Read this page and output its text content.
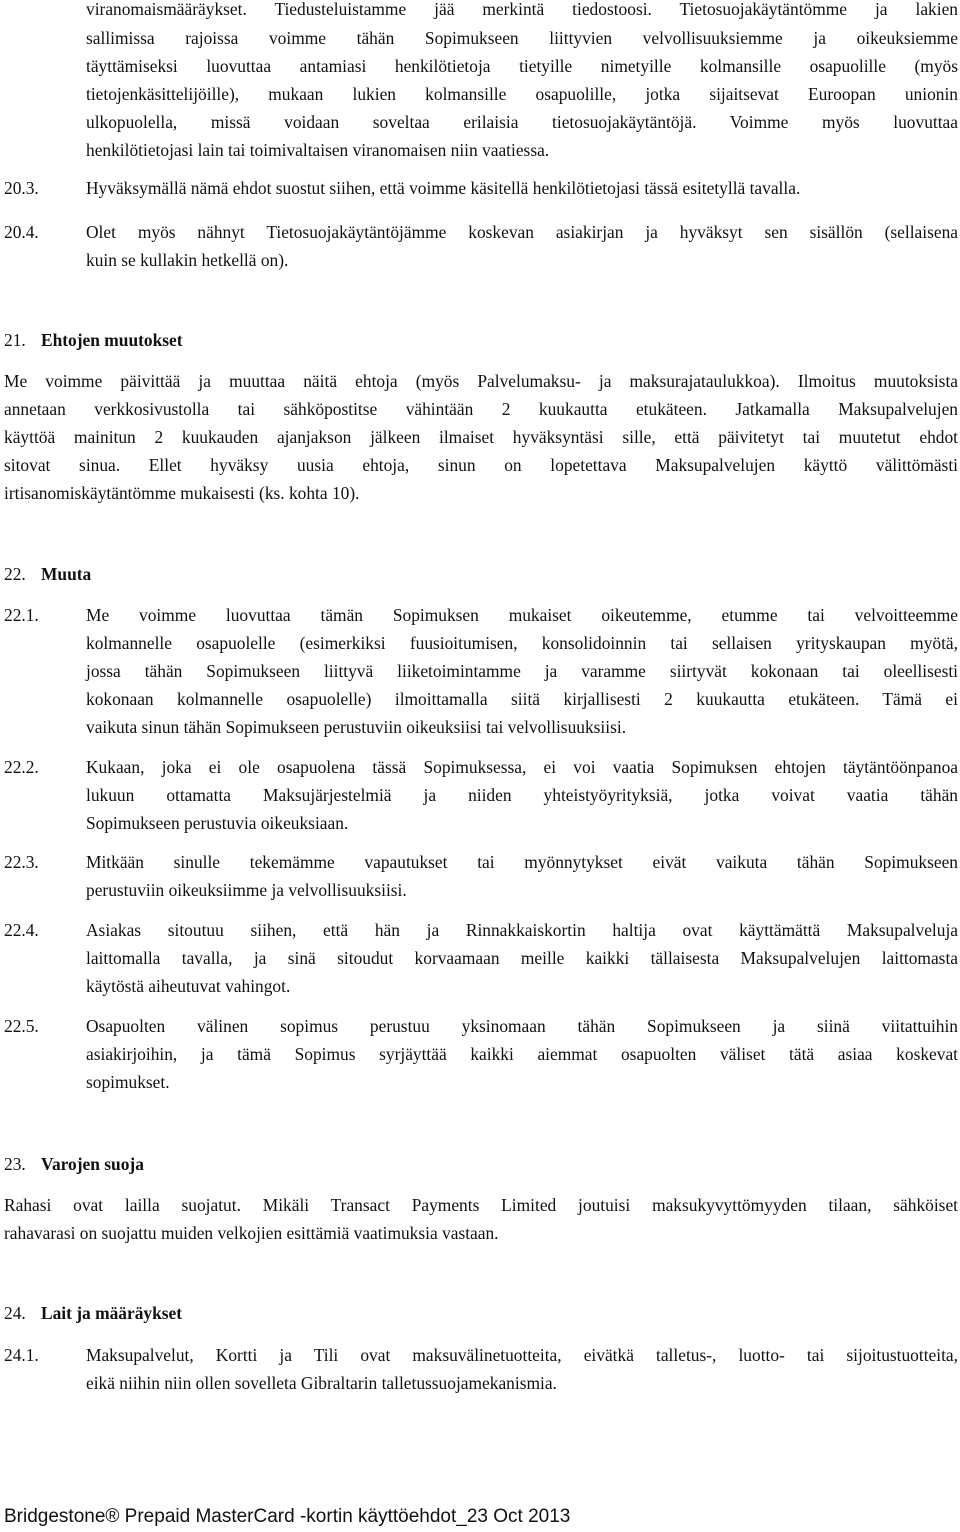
viranomaismääräykset. Tiedusteluistamme jää merkintä tiedostoosi. Tietosuojakäytäntömme ja lakien
sallimissa rajoissa voimme tähän Sopimukseen liittyvien velvollisuuksiemme ja oikeuksiemme
täyttämiseksi luovuttaa antamiasi henkilötietoja tietyille nimetyille kolmansille osapuolille (myös
tietojenkäsittelijöille), mukaan lukien kolmansille osapuolille, jotka sijaitsevat Euroopan unionin
ulkopuolella, missä voidaan soveltaa erilaisia tietosuojakäytäntöjä. Voimme myös luovuttaa
henkilötietojasi lain tai toimivaltaisen viranomaisen niin vaatiessa.
20.3.	Hyväksymällä nämä ehdot suostut siihen, että voimme käsitellä henkilötietojasi tässä esitetyllä tavalla.
20.4.	Olet myös nähnyt Tietosuojakäytäntöjämme koskevan asiakirjan ja hyväksyt sen sisällön (sellaisena
kuin se kullakin hetkellä on).
21. Ehtojen muutokset
Me voimme päivittää ja muuttaa näitä ehtoja (myös Palvelumaksu- ja maksurajataulukkoa). Ilmoitus muutoksista
annetaan verkkosivustolla tai sähköpostitse vähintään 2 kuukautta etukäteen. Jatkamalla Maksupalvelujen
käyttöä mainitun 2 kuukauden ajanjakson jälkeen ilmaiset hyväksyntäsi sille, että päivitetyt tai muutetut ehdot
sitovat sinua. Ellet hyväksy uusia ehtoja, sinun on lopetettava Maksupalvelujen käyttö välittömästi
irtisanomiskäytäntömme mukaisesti (ks. kohta 10).
22. Muuta
22.1.	Me voimme luovuttaa tämän Sopimuksen mukaiset oikeutemme, etumme tai velvoitteemme
kolmannelle osapuolelle (esimerkiksi fuusioitumisen, konsolidoinnin tai sellaisen yrityskaupan myötä,
jossa tähän Sopimukseen liittyvä liiketoimintamme ja varamme siirtyvät kokonaan tai oleellisesti
kokonaan kolmannelle osapuolelle) ilmoittamalla siitä kirjallisesti 2 kuukautta etukäteen. Tämä ei
vaikuta sinun tähän Sopimukseen perustuviin oikeuksiisi tai velvollisuuksiisi.
22.2.	Kukaan, joka ei ole osapuolena tässä Sopimuksessa, ei voi vaatia Sopimuksen ehtojen täytäntöönpanoa
lukuun ottamatta Maksujärjestelmiä ja niiden yhteistyöyrityksiä, jotka voivat vaatia tähän
Sopimukseen perustuvia oikeuksiaan.
22.3.	Mitkään sinulle tekemämme vapautukset tai myönnytykset eivät vaikuta tähän Sopimukseen
perustuviin oikeuksiimme ja velvollisuuksiisi.
22.4.	Asiakas sitoutuu siihen, että hän ja Rinnakkaiskortin haltija ovat käyttämättä Maksupalveluja
laittomalla tavalla, ja sinä sitoudut korvaamaan meille kaikki tällaisesta Maksupalvelujen laittomasta
käytöstä aiheutuvat vahingot.
22.5.	Osapuolten välinen sopimus perustuu yksinomaan tähän Sopimukseen ja siinä viitattuihin
asiakirjoihin, ja tämä Sopimus syrjäyttää kaikki aiemmat osapuolten väliset tätä asiaa koskevat
sopimukset.
23. Varojen suoja
Rahasi ovat lailla suojatut. Mikäli Transact Payments Limited joutuisi maksukyvyttömyyden tilaan, sähköiset
rahavarasi on suojattu muiden velkojien esittämiä vaatimuksia vastaan.
24. Lait ja määräykset
24.1.	Maksupalvelut, Kortti ja Tili ovat maksuvälinetuotteita, eivätkä talletus-, luotto- tai sijoitustuotteita,
eikä niihin niin ollen sovelleta Gibraltarin talletussuojamekanismia.
Bridgestone® Prepaid MasterCard -kortin käyttöehdot_23 Oct 2013
